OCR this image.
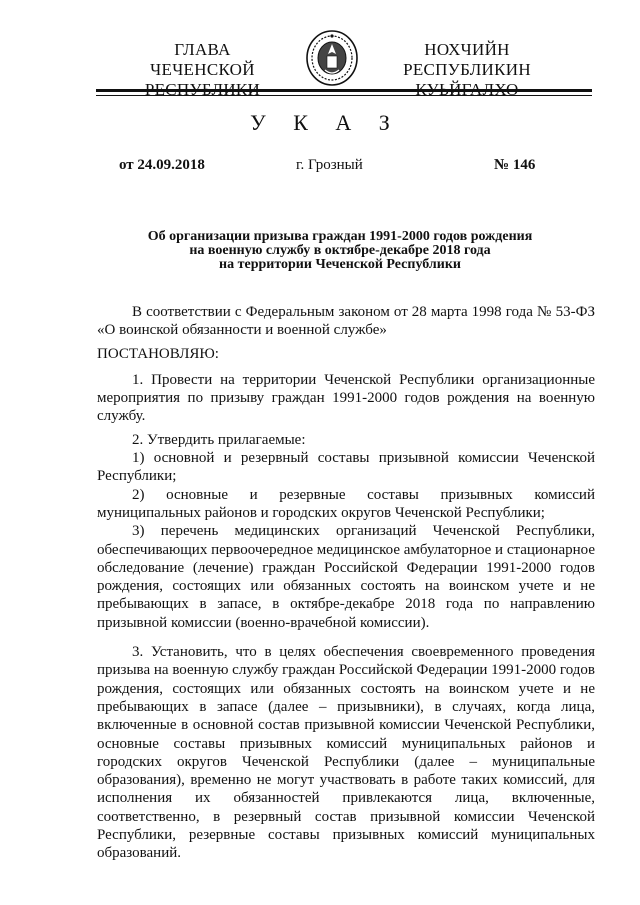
ГЛАВА
ЧЕЧЕНСКОЙ
НОХЧИЙН РЕСПУБЛИКИН
У К А З
от 24.09.2018	г. Грозный	№ 146
Об организации призыва граждан 1991-2000 годов рождения
на военную службу в октябре-декабре 2018 года
на территории Чеченской Республики

В соответствии с Федеральным законом от 28 марта 1998 года № 53-ФЗ «О воинской обязанности и военной службе»

ПОСТАНОВЛЯЮ:

1. Провести на территории Чеченской Республики организационные мероприятия по призыву граждан 1991-2000 годов рождения на военную службу.

2. Утвердить прилагаемые:

1) основной и резервный составы призывной комиссии Чеченской Республики;

2) основные и резервные составы призывных комиссий муниципальных районов и городских округов Чеченской Республики;

3) перечень медицинских организаций Чеченской Республики, обеспечивающих первоочередное медицинское амбулаторное и стационарное обследование (лечение) граждан Российской Федерации 1991-2000 годов рождения, состоящих или обязанных состоять на воинском учете и не пребывающих в запасе, в октябре-декабре 2018 года по направлению призывной комиссии (военно-врачебной комиссии).

3. Установить, что в целях обеспечения своевременного проведения призыва на военную службу граждан Российской Федерации 1991-2000 годов рождения, состоящих или обязанных состоять на воинском учете и не пребывающих в запасе (далее – призывники), в случаях, когда лица, включенные в основной состав призывной комиссии Чеченской Республики, основные составы призывных комиссий муниципальных районов и городских округов Чеченской Республики (далее – муниципальные образования), временно не могут участвовать в работе таких комиссий, для исполнения их обязанностей привлекаются лица, включенные, соответственно, в резервный состав призывной комиссии Чеченской Республики, резервные составы призывных комиссий муниципальных образований.
